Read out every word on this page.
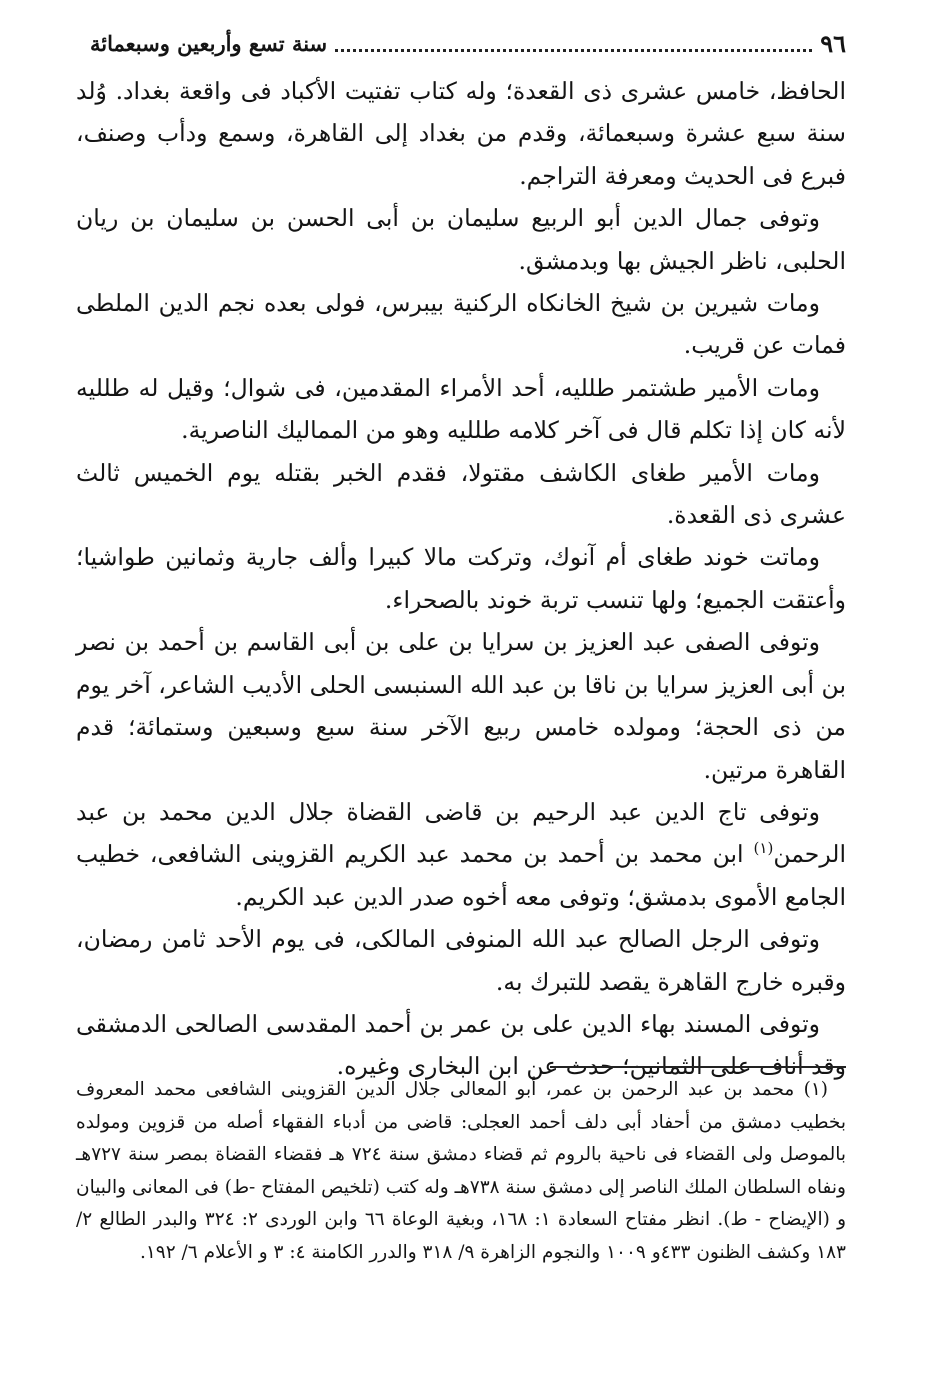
٩٦
سنة تسع وأربعين وسبعمائة

الحافظ، خامس عشرى ذى القعدة؛ وله كتاب تفتيت الأكباد فى واقعة بغداد. وُلد سنة سبع عشرة وسبعمائة، وقدم من بغداد إلى القاهرة، وسمع ودأب وصنف، فبرع فى الحديث ومعرفة التراجم.

وتوفى جمال الدين أبو الربيع سليمان بن أبى الحسن بن سليمان بن ريان الحلبى، ناظر الجيش بها وبدمشق.

ومات شيرين بن شيخ الخانكاه الركنية بيبرس، فولى بعده نجم الدين الملطى فمات عن قريب.

ومات الأمير طشتمر طلليه، أحد الأمراء المقدمين، فى شوال؛ وقيل له طلليه لأنه كان إذا تكلم قال فى آخر كلامه طلليه وهو من المماليك الناصرية.

ومات الأمير طغاى الكاشف مقتولا، فقدم الخبر بقتله يوم الخميس ثالث عشرى ذى القعدة.

وماتت خوند طغاى أم آنوك، وتركت مالا كبيرا وألف جارية وثمانين طواشيا؛ وأعتقت الجميع؛ ولها تنسب تربة خوند بالصحراء.

وتوفى الصفى عبد العزيز بن سرايا بن على بن أبى القاسم بن أحمد بن نصر بن أبى العزيز سرايا بن ناقا بن عبد الله السنبسى الحلى الأديب الشاعر، آخر يوم من ذى الحجة؛ ومولده خامس ربيع الآخر سنة سبع وسبعين وستمائة؛ قدم القاهرة مرتين.

وتوفى تاج الدين عبد الرحيم بن قاضى القضاة جلال الدين محمد بن عبد الرحمن$^{(١)}$ ابن محمد بن أحمد بن محمد عبد الكريم القزوينى الشافعى، خطيب الجامع الأموى بدمشق؛ وتوفى معه أخوه صدر الدين عبد الكريم.

وتوفى الرجل الصالح عبد الله المنوفى المالكى، فى يوم الأحد ثامن رمضان، وقبره خارج القاهرة يقصد للتبرك به.

وتوفى المسند بهاء الدين على بن عمر بن أحمد المقدسى الصالحى الدمشقى وقد أناف على الثمانين؛ حدث عن ابن البخارى وغيره.

(١) محمد بن عبد الرحمن بن عمر، أبو المعالى جلال الدين القزوينى الشافعى محمد المعروف بخطيب دمشق من أحفاد أبى دلف أحمد العجلى: قاضى من أدباء الفقهاء أصله من قزوين ومولده بالموصل ولى القضاء فى ناحية بالروم ثم قضاء دمشق سنة ٧٢٤ هـ فقضاء القضاة بمصر سنة ٧٢٧هـ ونفاه السلطان الملك الناصر إلى دمشق سنة ٧٣٨هـ وله كتب (تلخيص المفتاح -ط) فى المعانى والبيان و (الإيضاح - ط). انظر مفتاح السعادة ١: ١٦٨، وبغية الوعاة ٦٦ وابن الوردى ٢: ٣٢٤ والبدر الطالع ٢/ ١٨٣ وكشف الظنون ٤٣٣و ١٠٠٩ والنجوم الزاهرة ٩/ ٣١٨ والدرر الكامنة ٤: ٣ و الأعلام ٦/ ١٩٢.
